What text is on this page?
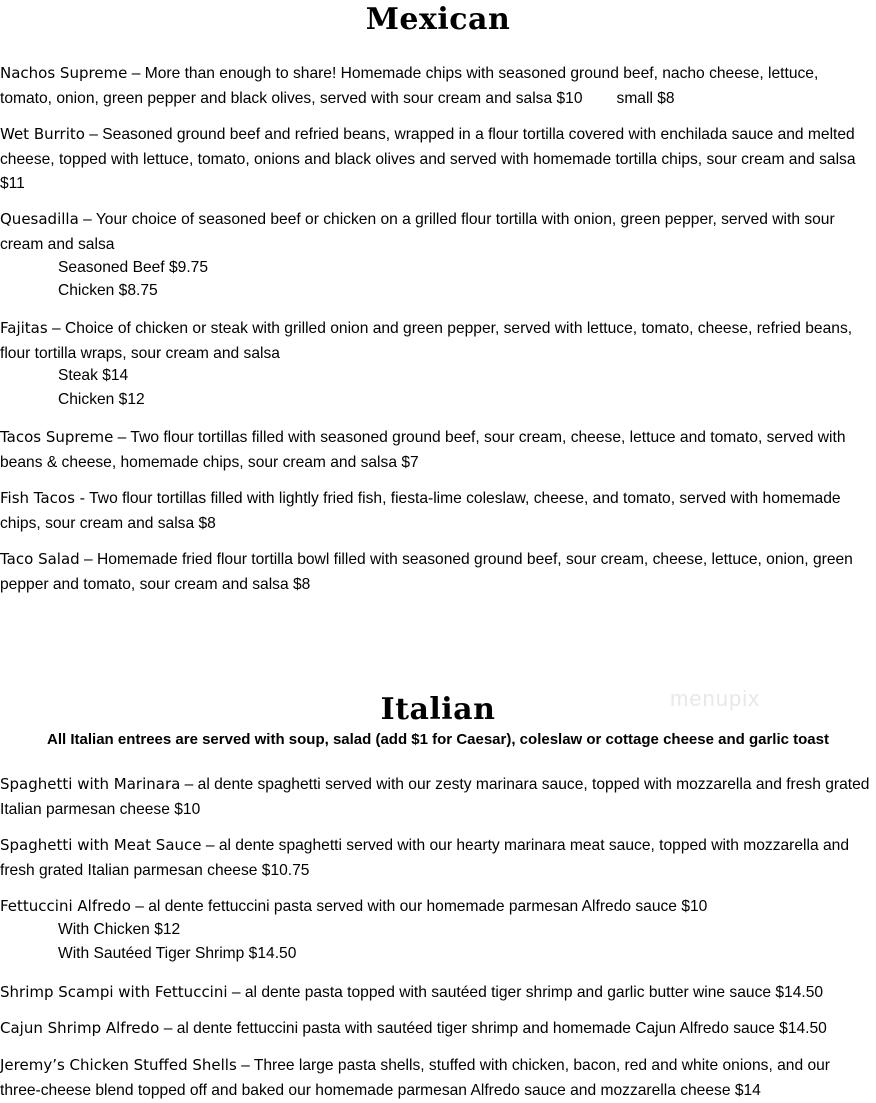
Mexican
Nachos Supreme – More than enough to share! Homemade chips with seasoned ground beef, nacho cheese, lettuce, tomato, onion, green pepper and black olives, served with sour cream and salsa $10 small $8
Wet Burrito – Seasoned ground beef and refried beans, wrapped in a flour tortilla covered with enchilada sauce and melted cheese, topped with lettuce, tomato, onions and black olives and served with homemade tortilla chips, sour cream and salsa $11
Quesadilla – Your choice of seasoned beef or chicken on a grilled flour tortilla with onion, green pepper, served with sour cream and salsa
Seasoned Beef $9.75
Chicken $8.75
Fajitas – Choice of chicken or steak with grilled onion and green pepper, served with lettuce, tomato, cheese, refried beans, flour tortilla wraps, sour cream and salsa
Steak $14
Chicken $12
Tacos Supreme – Two flour tortillas filled with seasoned ground beef, sour cream, cheese, lettuce and tomato, served with beans & cheese, homemade chips, sour cream and salsa $7
Fish Tacos - Two flour tortillas filled with lightly fried fish, fiesta-lime coleslaw, cheese, and tomato, served with homemade chips, sour cream and salsa $8
Taco Salad – Homemade fried flour tortilla bowl filled with seasoned ground beef, sour cream, cheese, lettuce, onion, green pepper and tomato, sour cream and salsa $8
Italian
All Italian entrees are served with soup, salad (add $1 for Caesar), coleslaw or cottage cheese and garlic toast
menupix
Spaghetti with Marinara – al dente spaghetti served with our zesty marinara sauce, topped with mozzarella and fresh grated Italian parmesan cheese $10
Spaghetti with Meat Sauce – al dente spaghetti served with our hearty marinara meat sauce, topped with mozzarella and fresh grated Italian parmesan cheese $10.75
Fettuccini Alfredo – al dente fettuccini pasta served with our homemade parmesan Alfredo sauce $10
With Chicken $12
With Sautéed Tiger Shrimp $14.50
Shrimp Scampi with Fettuccini – al dente pasta topped with sautéed tiger shrimp and garlic butter wine sauce $14.50
Cajun Shrimp Alfredo – al dente fettuccini pasta with sautéed tiger shrimp and homemade Cajun Alfredo sauce $14.50
Jeremy’s Chicken Stuffed Shells – Three large pasta shells, stuffed with chicken, bacon, red and white onions, and our three-cheese blend topped off and baked our homemade parmesan Alfredo sauce and mozzarella cheese $14
